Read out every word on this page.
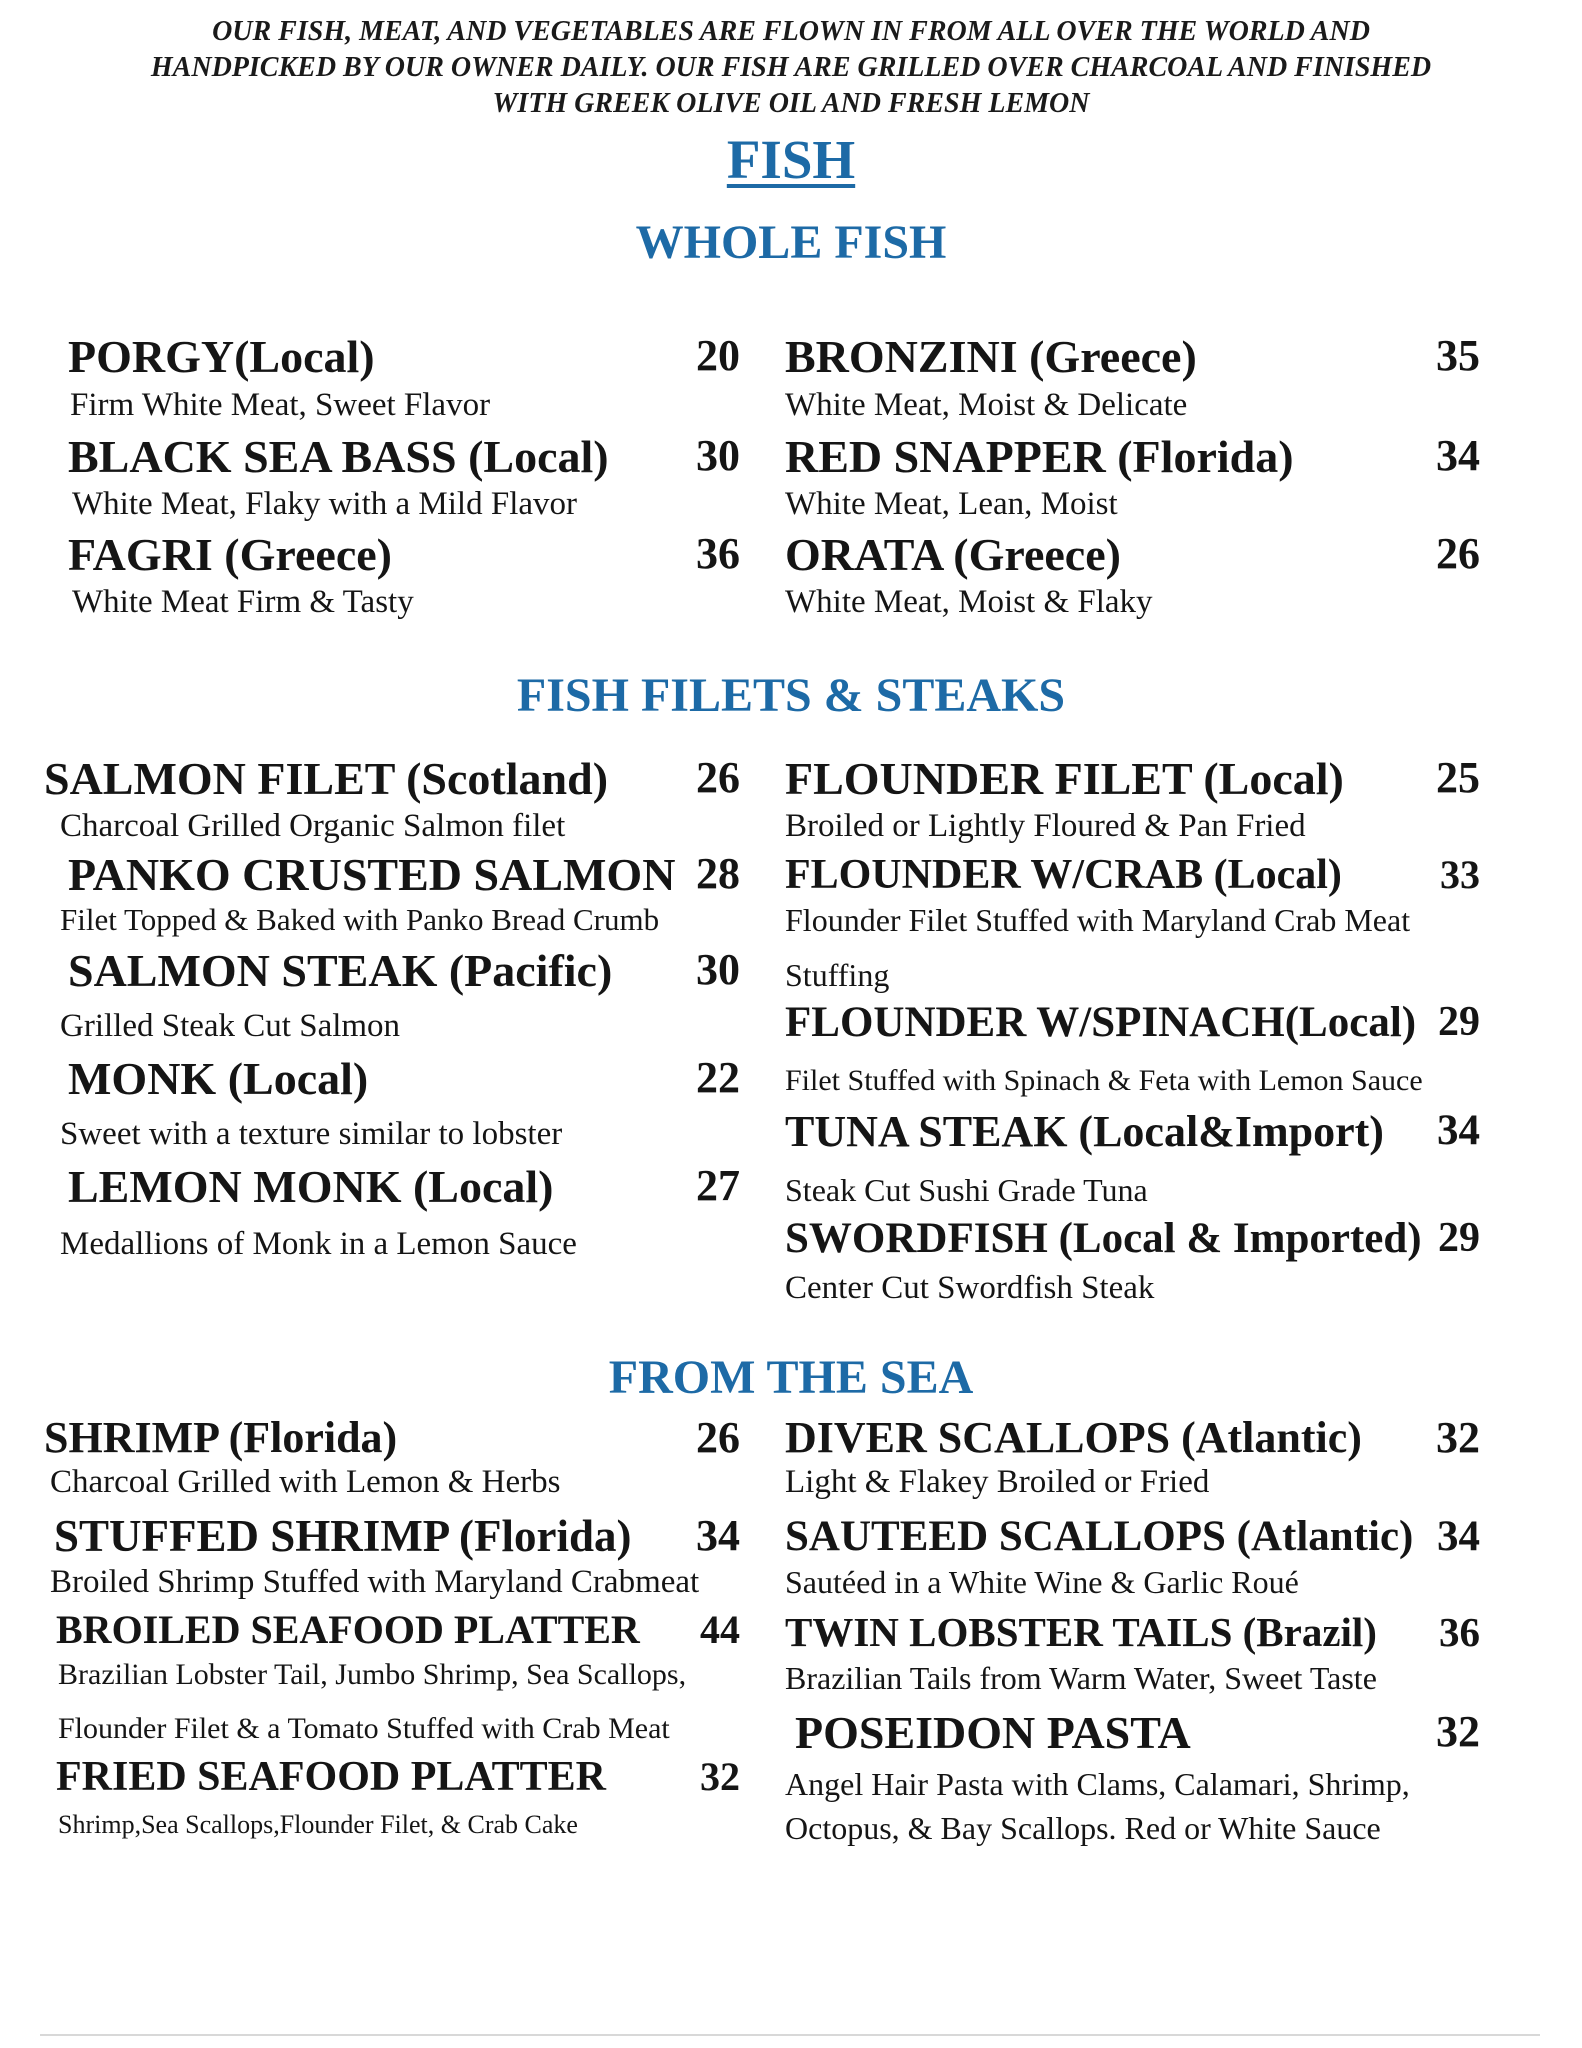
OUR FISH, MEAT, AND VEGETABLES ARE FLOWN IN FROM ALL OVER THE WORLD AND
HANDPICKED BY OUR OWNER DAILY. OUR FISH ARE GRILLED OVER CHARCOAL AND FINISHED
WITH GREEK OLIVE OIL AND FRESH LEMON
FISH
WHOLE FISH
PORGY(Local)	20
Firm White Meat, Sweet Flavor
BLACK SEA BASS (Local)	30
White Meat, Flaky with a Mild Flavor
FAGRI (Greece)	36
White Meat Firm & Tasty
BRONZINI (Greece)	35
White Meat, Moist & Delicate
RED SNAPPER (Florida)	34
White Meat, Lean, Moist
ORATA (Greece)	26
White Meat, Moist & Flaky
FISH FILETS & STEAKS
SALMON FILET (Scotland)	26
Charcoal Grilled Organic Salmon filet
PANKO CRUSTED SALMON 28
Filet Topped & Baked with Panko Bread Crumb
SALMON STEAK (Pacific)	30
Grilled Steak Cut Salmon
MONK (Local)	22
Sweet with a texture similar to lobster
LEMON MONK (Local)	27
Medallions of Monk in a Lemon Sauce
FLOUNDER FILET (Local)	25
Broiled or Lightly Floured & Pan Fried
FLOUNDER W/CRAB (Local)	33
Flounder Filet Stuffed with Maryland Crab Meat
Stuffing
FLOUNDER W/SPINACH(Local) 29
Filet Stuffed with Spinach & Feta with Lemon Sauce
TUNA STEAK (Local&Import)	34
Steak Cut Sushi Grade Tuna
SWORDFISH (Local & Imported) 29
Center Cut Swordfish Steak
FROM THE SEA
SHRIMP (Florida)	26
Charcoal Grilled with Lemon & Herbs
STUFFED SHRIMP (Florida)	34
Broiled Shrimp Stuffed with Maryland Crabmeat
BROILED SEAFOOD PLATTER	44
Brazilian Lobster Tail, Jumbo Shrimp, Sea Scallops,
Flounder Filet & a Tomato Stuffed with Crab Meat
FRIED SEAFOOD PLATTER	32
Shrimp,Sea Scallops,Flounder Filet, & Crab Cake
DIVER SCALLOPS (Atlantic)	32
Light & Flakey Broiled or Fried
SAUTEED SCALLOPS (Atlantic) 34
Sautéed in a White Wine & Garlic Roué
TWIN LOBSTER TAILS (Brazil)	36
Brazilian Tails from Warm Water, Sweet Taste
POSEIDON PASTA	32
Angel Hair Pasta with Clams, Calamari, Shrimp,
Octopus, & Bay Scallops. Red or White Sauce
